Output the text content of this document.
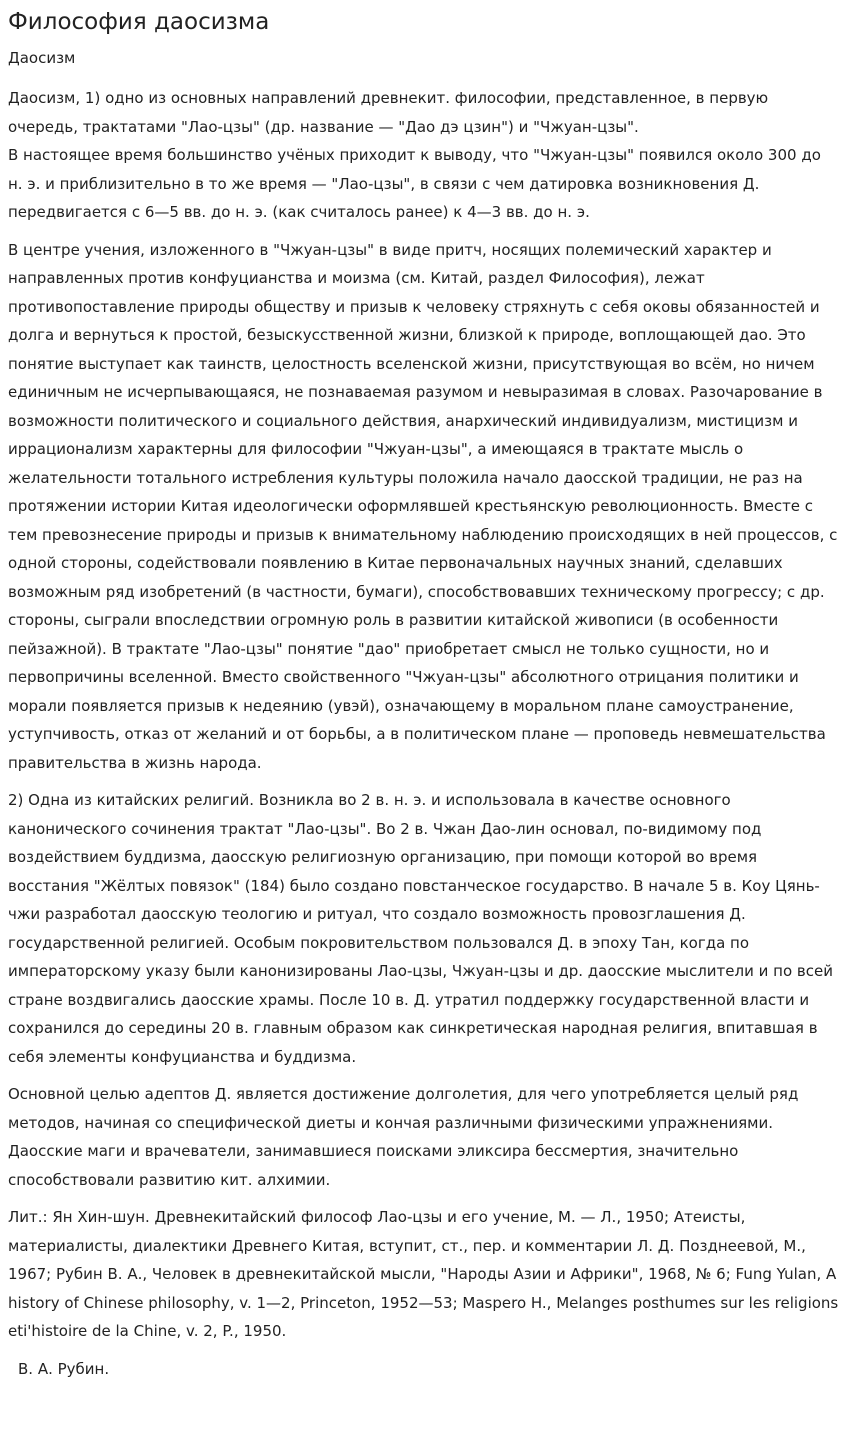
Философия даосизма
Даосизм
Даосизм, 1) одно из основных направлений древнекит. философии, представленное, в первую очередь, трактатами "Лао-цзы" (др. название — "Дао дэ цзин") и "Чжуан-цзы".
В настоящее время большинство учёных приходит к выводу, что "Чжуан-цзы" появился около 300 до н. э. и приблизительно в то же время — "Лао-цзы", в связи с чем датировка возникновения Д. передвигается с 6—5 вв. до н. э. (как считалось ранее) к 4—3 вв. до н. э.
В центре учения, изложенного в "Чжуан-цзы" в виде притч, носящих полемический характер и направленных против конфуцианства и моизма (см. Китай, раздел Философия), лежат противопоставление природы обществу и призыв к человеку стряхнуть с себя оковы обязанностей и долга и вернуться к простой, безыскусственной жизни, близкой к природе, воплощающей дао. Это понятие выступает как таинств, целостность вселенской жизни, присутствующая во всём, но ничем единичным не исчерпывающаяся, не познаваемая разумом и невыразимая в словах. Разочарование в возможности политического и социального действия, анархический индивидуализм, мистицизм и иррационализм характерны для философии "Чжуан-цзы", а имеющаяся в трактате мысль о желательности тотального истребления культуры положила начало даосской традиции, не раз на протяжении истории Китая идеологически оформлявшей крестьянскую революционность. Вместе с тем превознесение природы и призыв к внимательному наблюдению происходящих в ней процессов, с одной стороны, содействовали появлению в Китае первоначальных научных знаний, сделавших возможным ряд изобретений (в частности, бумаги), способствовавших техническому прогрессу; с др. стороны, сыграли впоследствии огромную роль в развитии китайской живописи (в особенности пейзажной). В трактате "Лао-цзы" понятие "дао" приобретает смысл не только сущности, но и первопричины вселенной. Вместо свойственного "Чжуан-цзы" абсолютного отрицания политики и морали появляется призыв к недеянию (увэй), означающему в моральном плане самоустранение, уступчивость, отказ от желаний и от борьбы, а в политическом плане — проповедь невмешательства правительства в жизнь народа.
2) Одна из китайских религий. Возникла во 2 в. н. э. и использовала в качестве основного канонического сочинения трактат "Лао-цзы". Во 2 в. Чжан Дао-лин основал, по-видимому под воздействием буддизма, даосскую религиозную организацию, при помощи которой во время восстания "Жёлтых повязок" (184) было создано повстанческое государство. В начале 5 в. Коу Цянь-чжи разработал даосскую теологию и ритуал, что создало возможность провозглашения Д. государственной религией. Особым покровительством пользовался Д. в эпоху Тан, когда по императорскому указу были канонизированы Лао-цзы, Чжуан-цзы и др. даосские мыслители и по всей стране воздвигались даосские храмы. После 10 в. Д. утратил поддержку государственной власти и сохранился до середины 20 в. главным образом как синкретическая народная религия, впитавшая в себя элементы конфуцианства и буддизма.
Основной целью адептов Д. является достижение долголетия, для чего употребляется целый ряд методов, начиная со специфической диеты и кончая различными физическими упражнениями. Даосские маги и врачеватели, занимавшиеся поисками эликсира бессмертия, значительно способствовали развитию кит. алхимии.
Лит.: Ян Хин-шун. Древнекитайский философ Лао-цзы и его учение, М. — Л., 1950; Атеисты, материалисты, диалектики Древнего Китая, вступит, ст., пер. и комментарии Л. Д. Позднеевой, М., 1967; Рубин В. А., Человек в древнекитайской мысли, "Народы Азии и Африки", 1968, № 6; Fung Yulan, A history of Chinese philosophy, v. 1—2, Princeton, 1952—53; Maspero H., Melanges posthumes sur les religions eti'histoire de la Chine, v. 2, P., 1950.
В. А. Рубин.
